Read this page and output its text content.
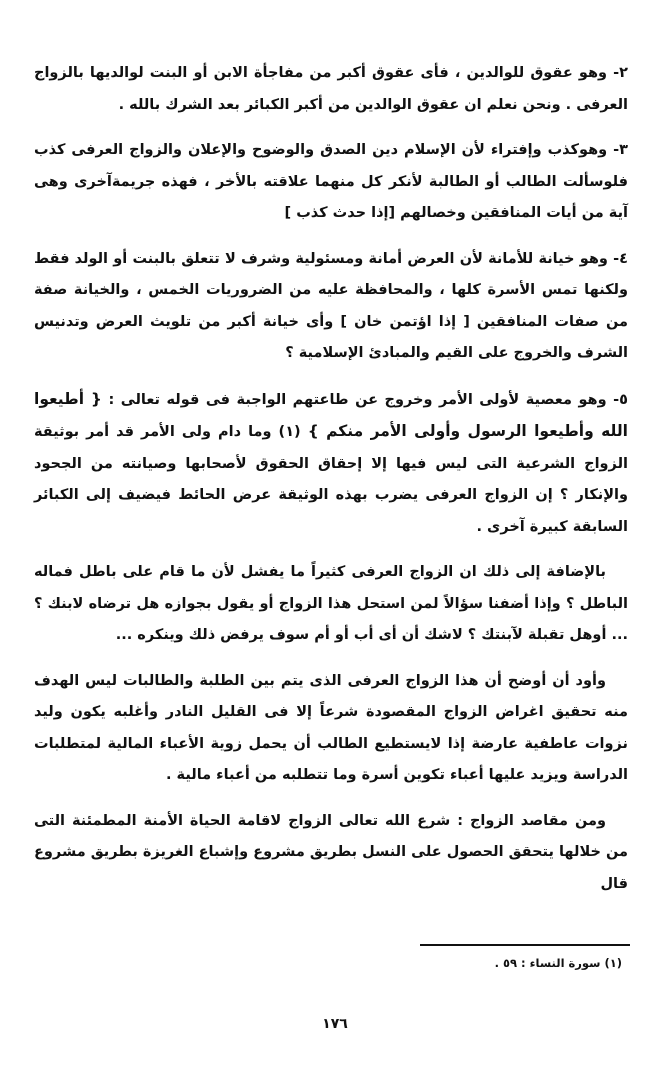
٢- وهو عقوق للوالدين ، فأى عقوق أكبر من مفاجأة الابن أو البنت لوالديها بالزواج العرفى . ونحن نعلم ان عقوق الوالدين من أكبر الكبائر بعد الشرك بالله .

٣- وهوكذب وإفتراء لأن الإسلام دين الصدق والوضوح والإعلان والزواج العرفى كذب فلوسألت الطالب أو الطالبة لأنكر كل منهما علاقته بالأخر ، فهذه جريمةآخرى وهى آية من أيات المنافقين وخصالهم [إذا حدث كذب ]

٤- وهو خيانة للأمانة لأن العرض أمانة ومسئولية وشرف لا تتعلق بالبنت أو الولد فقط ولكنها تمس الأسرة كلها ، والمحافظة عليه من الضروريات الخمس ، والخيانة صفة من صفات المنافقين [ إذا اؤتمن خان ] وأى خيانة أكبر من تلويث العرض وتدنيس الشرف والخروج على القيم والمبادئ الإسلامية ؟

٥- وهو معصية لأولى الأمر وخروج عن طاعتهم الواجبة فى قوله تعالى : { أطيعوا الله وأطيعوا الرسول وأولى الأمر منكم } (١) وما دام ولى الأمر قد أمر بوثيقة الزواج الشرعية التى ليس فيها إلا إحقاق الحقوق لأصحابها وصيانته من الجحود والإنكار ؟ إن الزواج العرفى يضرب بهذه الوثيقة عرض الحائط فيضيف إلى الكبائر السابقة كبيرة آخرى .

بالإضافة إلى ذلك ان الزواج العرفى كثيراً ما يفشل لأن ما قام على باطل فماله الباطل ؟ وإذا أضفنا سؤالاً لمن استحل هذا الزواج أو يقول بجوازه هل ترضاه لابنك ؟ ... أوهل تقبلة لآبنتك ؟ لاشك أن أى أب أو أم سوف يرفض ذلك وينكره ...

وأود أن أوضح أن هذا الزواج العرفى الذى يتم بين الطلبة والطالبات ليس الهدف منه تحقيق اغراض الزواج المقصودة شرعاً إلا فى القليل النادر وأغلبه يكون وليد نزوات عاطفية عارضة إذا لايستطيع الطالب أن يحمل زوية الأعباء المالية لمتطلبات الدراسة ويزيد عليها أعباء تكوين أسرة وما تتطلبه من أعباء مالية .

ومن مقاصد الزواج : شرع الله تعالى الزواج لاقامة الحياة الأمنة المطمئنة التى من خلالها يتحقق الحصول على النسل بطريق مشروع وإشباع الغريزة بطريق مشروع قال

(١) سورة النساء : ٥٩ .
١٧٦
